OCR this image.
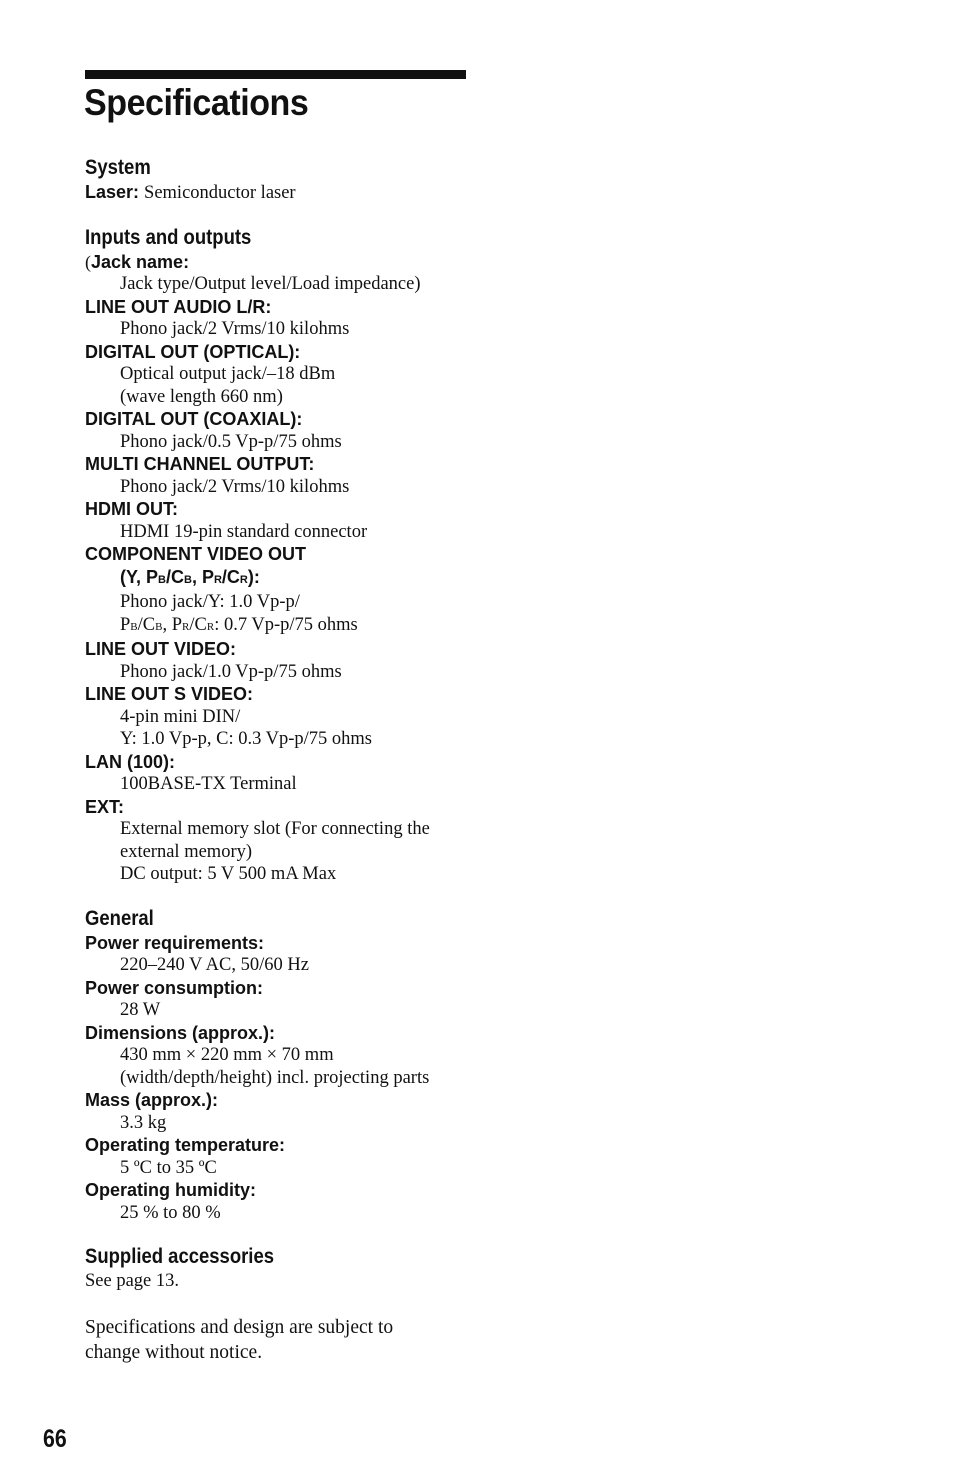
Specifications
System
Laser: Semiconductor laser
Inputs and outputs
(Jack name:
Jack type/Output level/Load impedance)
LINE OUT AUDIO L/R:
Phono jack/2 Vrms/10 kilohms
DIGITAL OUT (OPTICAL):
Optical output jack/–18 dBm
(wave length 660 nm)
DIGITAL OUT (COAXIAL):
Phono jack/0.5 Vp-p/75 ohms
MULTI CHANNEL OUTPUT:
Phono jack/2 Vrms/10 kilohms
HDMI OUT:
HDMI 19-pin standard connector
COMPONENT VIDEO OUT
(Y, PB/CB, PR/CR):
Phono jack/Y: 1.0 Vp-p/
PB/CB, PR/CR: 0.7 Vp-p/75 ohms
LINE OUT VIDEO:
Phono jack/1.0 Vp-p/75 ohms
LINE OUT S VIDEO:
4-pin mini DIN/
Y: 1.0 Vp-p, C: 0.3 Vp-p/75 ohms
LAN (100):
100BASE-TX Terminal
EXT:
External memory slot (For connecting the
external memory)
DC output: 5 V 500 mA Max
General
Power requirements:
220–240 V AC, 50/60 Hz
Power consumption:
28 W
Dimensions (approx.):
430 mm × 220 mm × 70 mm
(width/depth/height) incl. projecting parts
Mass (approx.):
3.3 kg
Operating temperature:
5 ºC to 35 ºC
Operating humidity:
25 % to 80 %
Supplied accessories
See page 13.
Specifications and design are subject to
change without notice.
66
